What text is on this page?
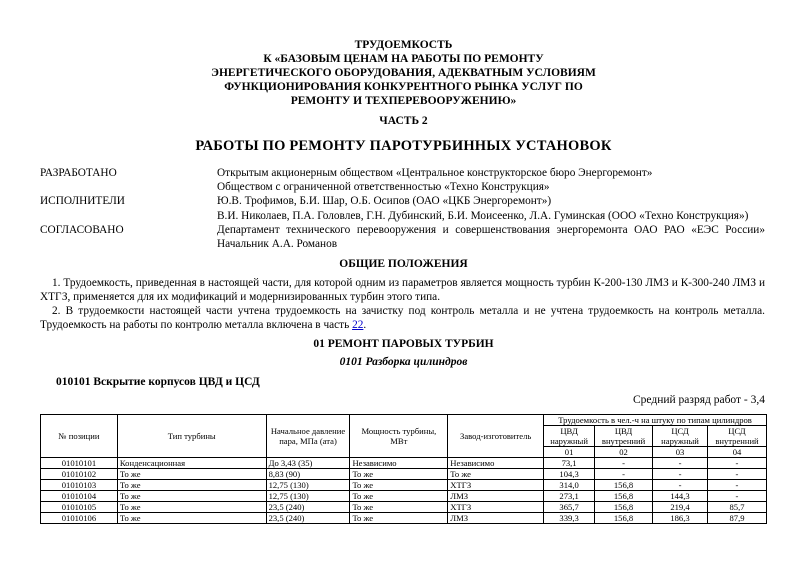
ТРУДОЕМКОСТЬ
К «БАЗОВЫМ ЦЕНАМ НА РАБОТЫ ПО РЕМОНТУ
ЭНЕРГЕТИЧЕСКОГО ОБОРУДОВАНИЯ, АДЕКВАТНЫМ УСЛОВИЯМ
ФУНКЦИОНИРОВАНИЯ КОНКУРЕНТНОГО РЫНКА УСЛУГ ПО
РЕМОНТУ И ТЕХПЕРЕВООРУЖЕНИЮ»
ЧАСТЬ 2
РАБОТЫ ПО РЕМОНТУ ПАРОТУРБИННЫХ УСТАНОВОК
РАЗРАБОТАНО	Открытым акционерным обществом «Центральное конструкторское бюро Энергоремонт»
Обществом с ограниченной ответственностью «Техно Конструкция»
ИСПОЛНИТЕЛИ	Ю.В. Трофимов, Б.И. Шар, О.Б. Осипов (ОАО «ЦКБ Энергоремонт»)
В.И. Николаев, П.А. Головлев, Г.Н. Дубинский, Б.И. Моисеенко, Л.А. Гуминская (ООО «Техно Конструкция»)
СОГЛАСОВАНО	Департамент технического перевооружения и совершенствования энергоремонта ОАО РАО «ЕЭС России»
Начальник А.А. Романов
ОБЩИЕ ПОЛОЖЕНИЯ
1. Трудоемкость, приведенная в настоящей части, для которой одним из параметров является мощность турбин К-200-130 ЛМЗ и К-300-240 ЛМЗ и ХТГЗ, применяется для их модификаций и модернизированных турбин этого типа.
2. В трудоемкости настоящей части учтена трудоемкость на зачистку под контроль металла и не учтена трудоемкость на контроль металла. Трудоемкость на работы по контролю металла включена в часть 22.
01 РЕМОНТ ПАРОВЫХ ТУРБИН
0101 Разборка цилиндров
010101 Вскрытие корпусов ЦВД и ЦСД
Средний разряд работ - 3,4
№ позиции	Тип турбины	Начальное давление пара, МПа (ата)	Мощность турбины, МВт	Завод-изготовитель	Трудоемкость в чел.-ч на штуку по типам цилиндров			
					ЦВД наружный	ЦВД внутренний	ЦСД наружный	ЦСД внутренний
					01	02	03	04
01010101	Конденсационная	До 3,43 (35)	Независимо	Независимо	73,1	-	-	-
01010102	То же	8,83 (90)	То же	То же	104,3	-	-	-
01010103	То же	12,75 (130)	То же	ХТГЗ	314,0	156,8	-	-
01010104	То же	12,75 (130)	То же	ЛМЗ	273,1	156,8	144,3	-
01010105	То же	23,5 (240)	То же	ХТГЗ	365,7	156,8	219,4	85,7
01010106	То же	23,5 (240)	То же	ЛМЗ	339,3	156,8	186,3	87,9
